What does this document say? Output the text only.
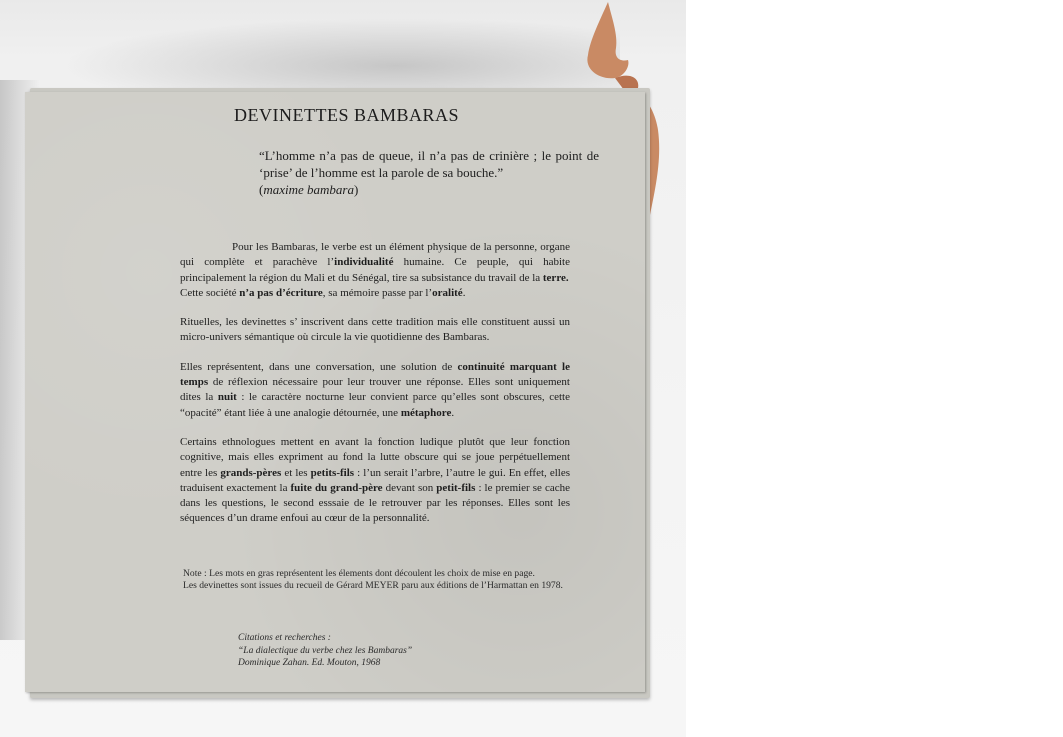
DEVINETTES BAMBARAS
“L’homme n’a pas de queue, il n’a pas de crinière ; le point de ‘prise’ de l’homme est la parole de sa bouche.”
(maxime bambara)

Pour les Bambaras, le verbe est un élément physique de la personne, organe qui complète et parachève l’individualité humaine. Ce peuple, qui habite principalement la région du Mali et du Sénégal, tire sa subsistance du travail de la terre.
Cette société n’a pas d’écriture, sa mémoire passe par l’oralité.

Rituelles, les devinettes s’ inscrivent dans cette tradition mais elle constituent aussi un micro-univers sémantique où circule la vie quotidienne des Bambaras.

Elles représentent, dans une conversation, une solution de continuité marquant le temps de réflexion nécessaire pour leur trouver une réponse. Elles sont uniquement dites la nuit : le caractère nocturne leur convient parce qu’elles sont obscures, cette “opacité” étant liée à une analogie détournée, une métaphore.

Certains ethnologues mettent en avant la fonction ludique plutôt que leur fonction cognitive, mais elles expriment au fond la lutte obscure qui se joue perpétuellement entre les grands-pères et les petits-fils : l’un serait l’arbre, l’autre le gui. En effet, elles traduisent exactement la fuite du grand-père devant son petit-fils : le premier se cache dans les questions, le second esssaie de le retrouver par les réponses. Elles sont les séquences d’un drame enfoui au cœur de la personnalité.

Note : Les mots en gras représentent les élements dont découlent les choix de mise en page.
Les devinettes sont issues du recueil de Gérard MEYER paru aux éditions de l’Harmattan en 1978.
Citations et recherches :
“La dialectique du verbe chez les Bambaras”
Dominique Zahan. Ed. Mouton, 1968
